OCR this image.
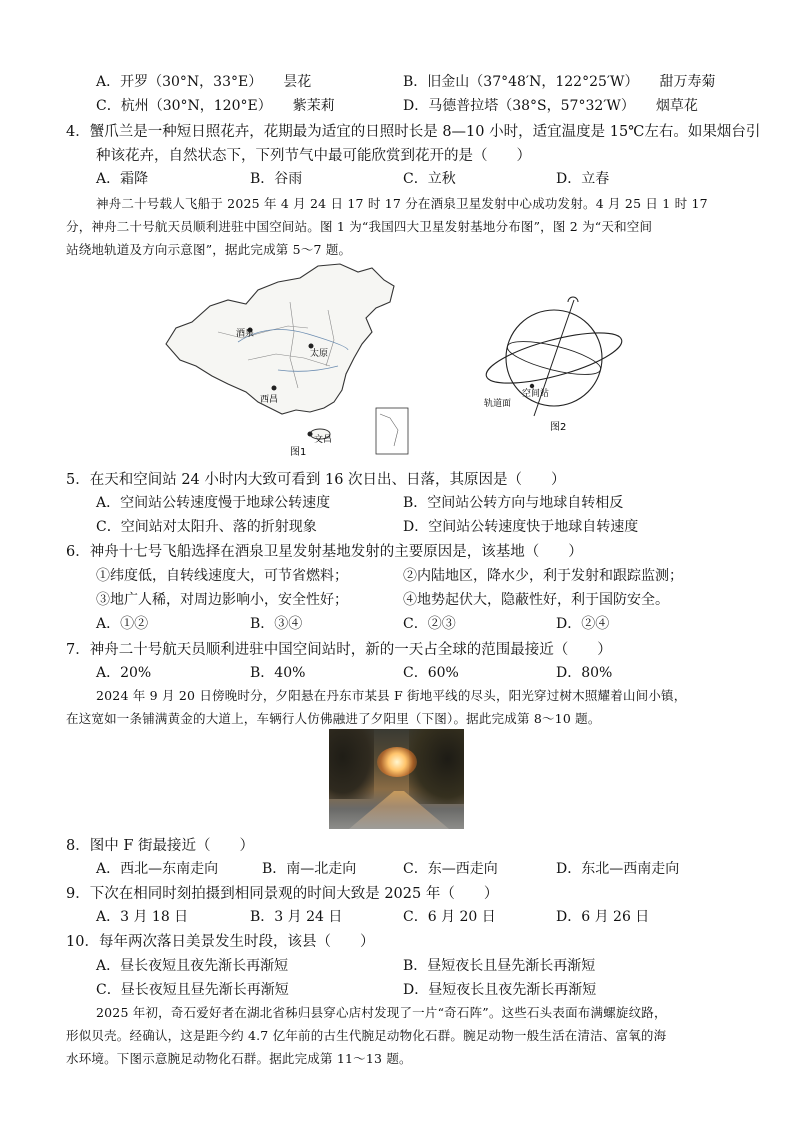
A．开罗（30°N，33°E）　　昙花	B．旧金山（37°48′N，122°25′W）　　甜万寿菊
C．杭州（30°N，120°E）　　紫茉莉	D．马德普拉塔（38°S，57°32′W）　　烟草花
4．蟹爪兰是一种短日照花卉，花期最为适宜的日照时长是 8—10 小时，适宜温度是 15℃左右。如果烟台引
种该花卉，自然状态下，下列节气中最可能欣赏到花开的是（　　）
A．霜降	B．谷雨	C．立秋	D．立春
神舟二十号载人飞船于 2025 年 4 月 24 日 17 时 17 分在酒泉卫星发射中心成功发射。4 月 25 日 1 时 17
分，神舟二十号航天员顺利进驻中国空间站。图 1 为“我国四大卫星发射基地分布图”，图 2 为“天和空间
站绕地轨道及方向示意图”，据此完成第 5～7 题。
酒泉
太原
西昌
文昌
图1
空间站
轨道面
图2
5．在天和空间站 24 小时内大致可看到 16 次日出、日落，其原因是（　　）
A．空间站公转速度慢于地球公转速度	B．空间站公转方向与地球自转相反
C．空间站对太阳升、落的折射现象	D．空间站公转速度快于地球自转速度
6．神舟十七号飞船选择在酒泉卫星发射基地发射的主要原因是，该基地（　　）
①纬度低，自转线速度大，可节省燃料；	②内陆地区，降水少，利于发射和跟踪监测；
③地广人稀，对周边影响小，安全性好；	④地势起伏大，隐蔽性好，利于国防安全。
A．①②	B．③④	C．②③	D．②④
7．神舟二十号航天员顺利进驻中国空间站时，新的一天占全球的范围最接近（　　）
A．20%	B．40%	C．60%	D．80%
2024 年 9 月 20 日傍晚时分，夕阳悬在丹东市某县 F 街地平线的尽头，阳光穿过树木照耀着山间小镇，
在这宽如一条铺满黄金的大道上，车辆行人仿佛融进了夕阳里（下图）。据此完成第 8～10 题。
8．图中 F 街最接近（　　）
A．西北—东南走向	B．南—北走向	C．东—西走向	D．东北—西南走向
9．下次在相同时刻拍摄到相同景观的时间大致是 2025 年（　　）
A．3 月 18 日	B．3 月 24 日	C．6 月 20 日	D．6 月 26 日
10．每年两次落日美景发生时段，该县（　　）
A．昼长夜短且夜先渐长再渐短	B．昼短夜长且昼先渐长再渐短
C．昼长夜短且昼先渐长再渐短	D．昼短夜长且夜先渐长再渐短
2025 年初，奇石爱好者在湖北省秭归县穿心店村发现了一片“奇石阵”。这些石头表面布满螺旋纹路，
形似贝壳。经确认，这是距今约 4.7 亿年前的古生代腕足动物化石群。腕足动物一般生活在清洁、富氧的海
水环境。下图示意腕足动物化石群。据此完成第 11～13 题。
